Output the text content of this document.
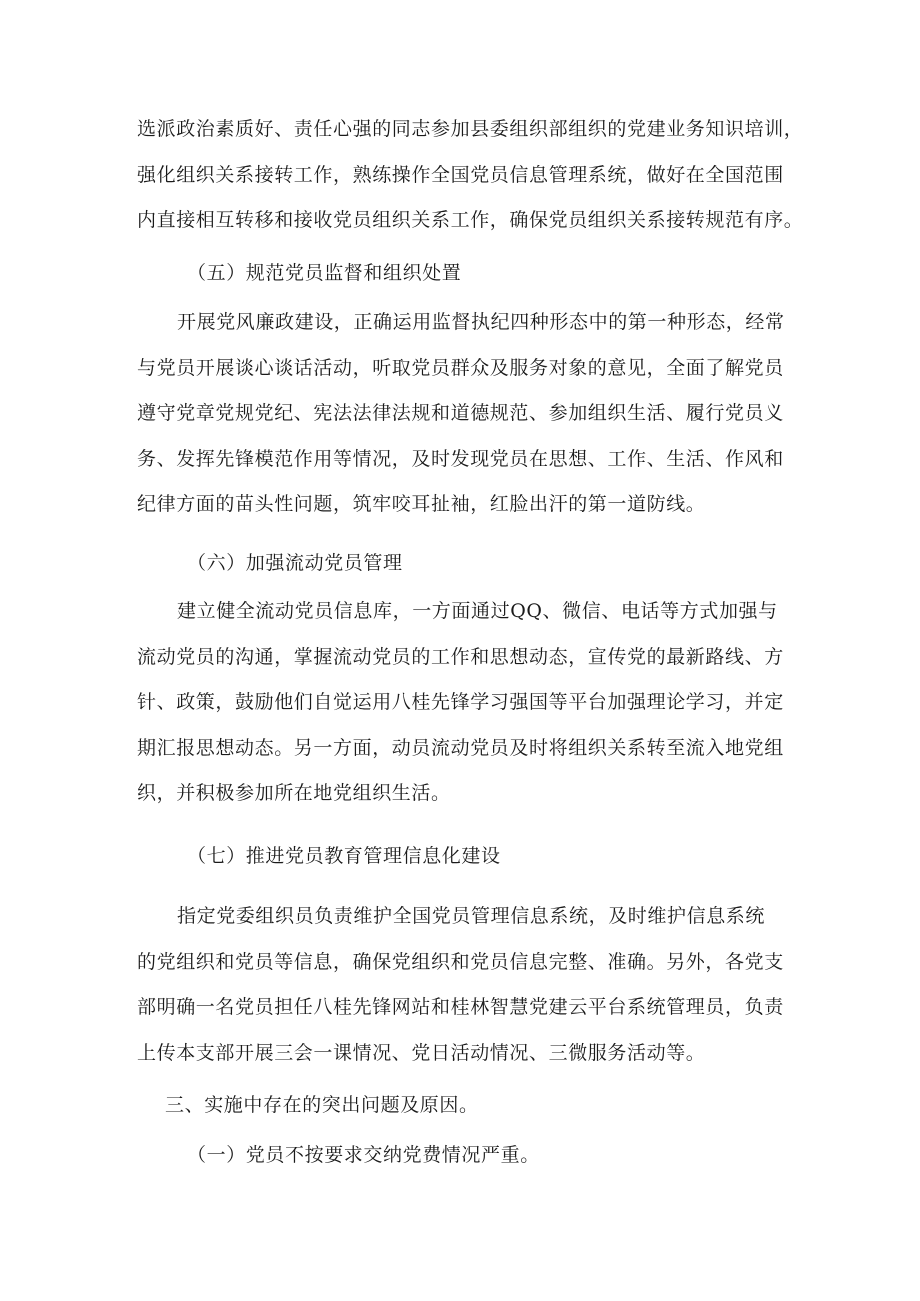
选派政治素质好、责任心强的同志参加县委组织部组织的党建业务知识培训，
强化组织关系接转工作，熟练操作全国党员信息管理系统，做好在全国范围
内直接相互转移和接收党员组织关系工作，确保党员组织关系接转规范有序。
（五）规范党员监督和组织处置
开展党风廉政建设，正确运用监督执纪四种形态中的第一种形态，经常
与党员开展谈心谈话活动，听取党员群众及服务对象的意见，全面了解党员
遵守党章党规党纪、宪法法律法规和道德规范、参加组织生活、履行党员义
务、发挥先锋模范作用等情况，及时发现党员在思想、工作、生活、作风和
纪律方面的苗头性问题，筑牢咬耳扯袖，红脸出汗的第一道防线。
（六）加强流动党员管理
建立健全流动党员信息库，一方面通过QQ、微信、电话等方式加强与
流动党员的沟通，掌握流动党员的工作和思想动态，宣传党的最新路线、方
针、政策，鼓励他们自觉运用八桂先锋学习强国等平台加强理论学习，并定
期汇报思想动态。另一方面，动员流动党员及时将组织关系转至流入地党组
织，并积极参加所在地党组织生活。
（七）推进党员教育管理信息化建设
指定党委组织员负责维护全国党员管理信息系统，及时维护信息系统
的党组织和党员等信息，确保党组织和党员信息完整、准确。另外，各党支
部明确一名党员担任八桂先锋网站和桂林智慧党建云平台系统管理员，负责
上传本支部开展三会一课情况、党日活动情况、三微服务活动等。
三、实施中存在的突出问题及原因。
（一）党员不按要求交纳党费情况严重。
